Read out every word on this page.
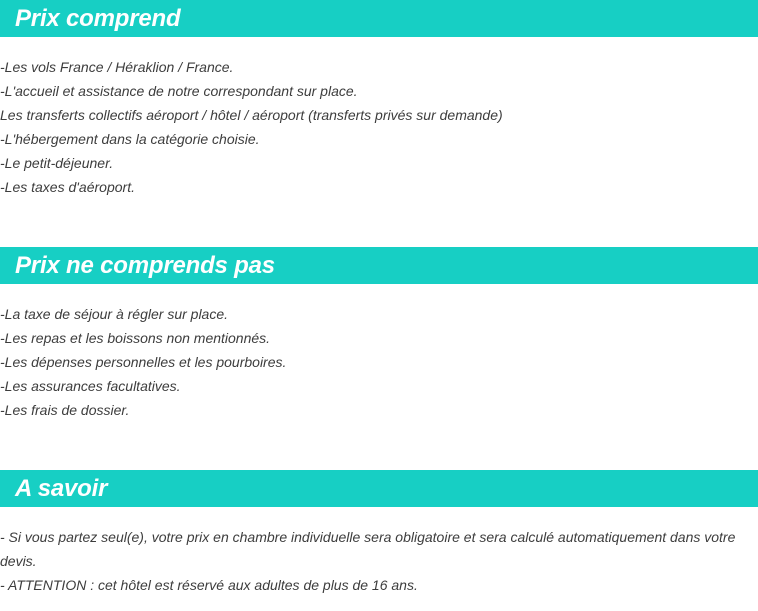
Prix comprend
-Les vols France / Héraklion / France.
-L'accueil et assistance de notre correspondant sur place.
Les transferts collectifs aéroport / hôtel / aéroport (transferts privés sur demande)
-L'hébergement dans la catégorie choisie.
-Le petit-déjeuner.
-Les taxes d'aéroport.
Prix ne comprends pas
-La taxe de séjour à régler sur place.
-Les repas et les boissons non mentionnés.
-Les dépenses personnelles et les pourboires.
-Les assurances facultatives.
-Les frais de dossier.
A savoir
- Si vous partez seul(e), votre prix en chambre individuelle sera obligatoire et sera calculé automatiquement dans votre devis.
- ATTENTION : cet hôtel est réservé aux adultes de plus de 16 ans.
